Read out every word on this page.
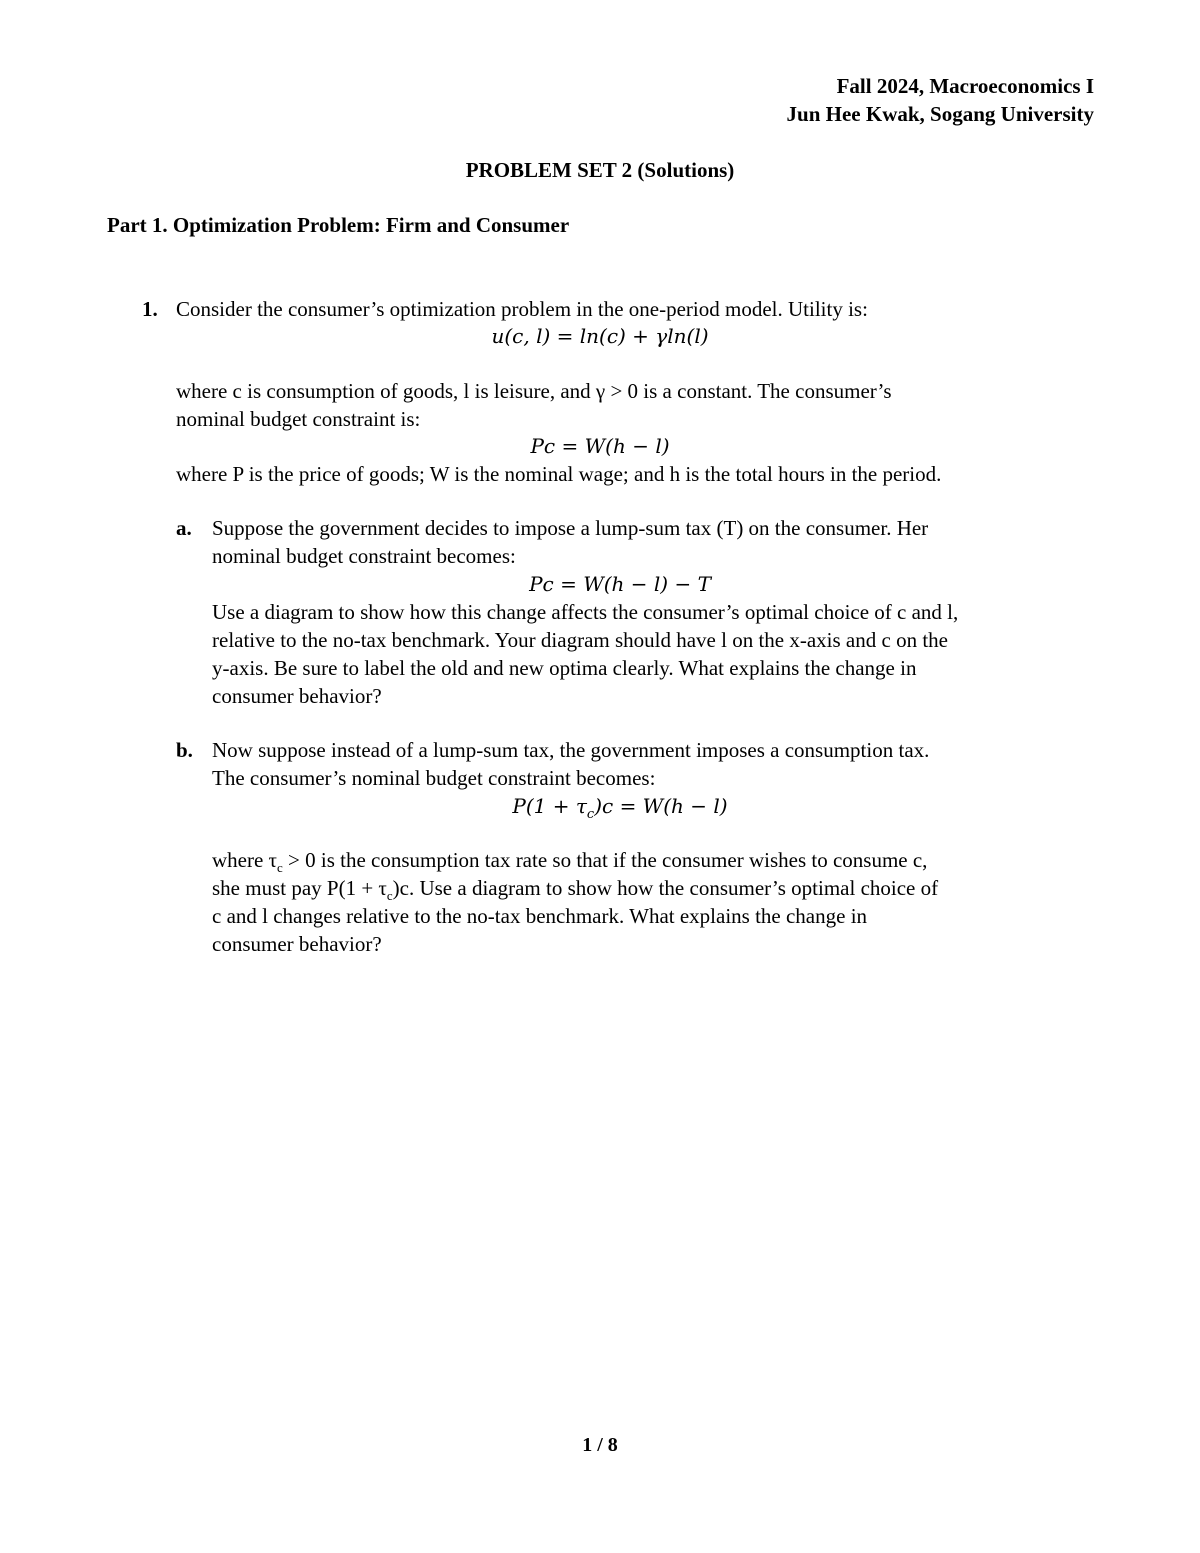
Fall 2024, Macroeconomics I
Jun Hee Kwak, Sogang University
PROBLEM SET 2 (Solutions)
Part 1. Optimization Problem: Firm and Consumer
1. Consider the consumer’s optimization problem in the one-period model. Utility is:
u(c, l) = ln(c) + γln(l)
where c is consumption of goods, l is leisure, and γ > 0 is a constant. The consumer’s
nominal budget constraint is:
Pc = W(h − l)
where P is the price of goods; W is the nominal wage; and h is the total hours in the period.
a. Suppose the government decides to impose a lump-sum tax (T) on the consumer. Her
nominal budget constraint becomes:
Pc = W(h − l) − T
Use a diagram to show how this change affects the consumer’s optimal choice of c and l,
relative to the no-tax benchmark. Your diagram should have l on the x-axis and c on the
y-axis. Be sure to label the old and new optima clearly. What explains the change in
consumer behavior?
b. Now suppose instead of a lump-sum tax, the government imposes a consumption tax.
The consumer’s nominal budget constraint becomes:
$P(1 + \tau_c)c = W(h - l)$
where $\tau_c > 0$ is the consumption tax rate so that if the consumer wishes to consume c,
she must pay $P(1 + \tau_c)c$. Use a diagram to show how the consumer’s optimal choice of
c and l changes relative to the no-tax benchmark. What explains the change in
consumer behavior?
1 / 8
